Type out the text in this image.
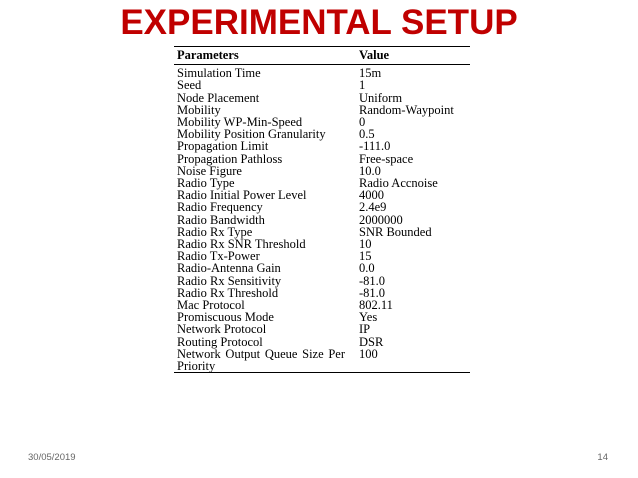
EXPERIMENTAL SETUP
Parameters	Value
Simulation Time	15m
Seed	1
Node Placement	Uniform
Mobility	Random-Waypoint
Mobility WP-Min-Speed	0
Mobility Position Granularity	0.5
Propagation Limit	-111.0
Propagation Pathloss	Free-space
Noise Figure	10.0
Radio Type	Radio Accnoise
Radio Initial Power Level	4000
Radio Frequency	2.4e9
Radio Bandwidth	2000000
Radio Rx Type	SNR Bounded
Radio Rx SNR Threshold	10
Radio Tx-Power	15
Radio-Antenna Gain	0.0
Radio Rx Sensitivity	-81.0
Radio Rx Threshold	-81.0
Mac Protocol	802.11
Promiscuous Mode	Yes
Network Protocol	IP
Routing Protocol	DSR
Network Output Queue Size Per Priority	100
30/05/2019	14
